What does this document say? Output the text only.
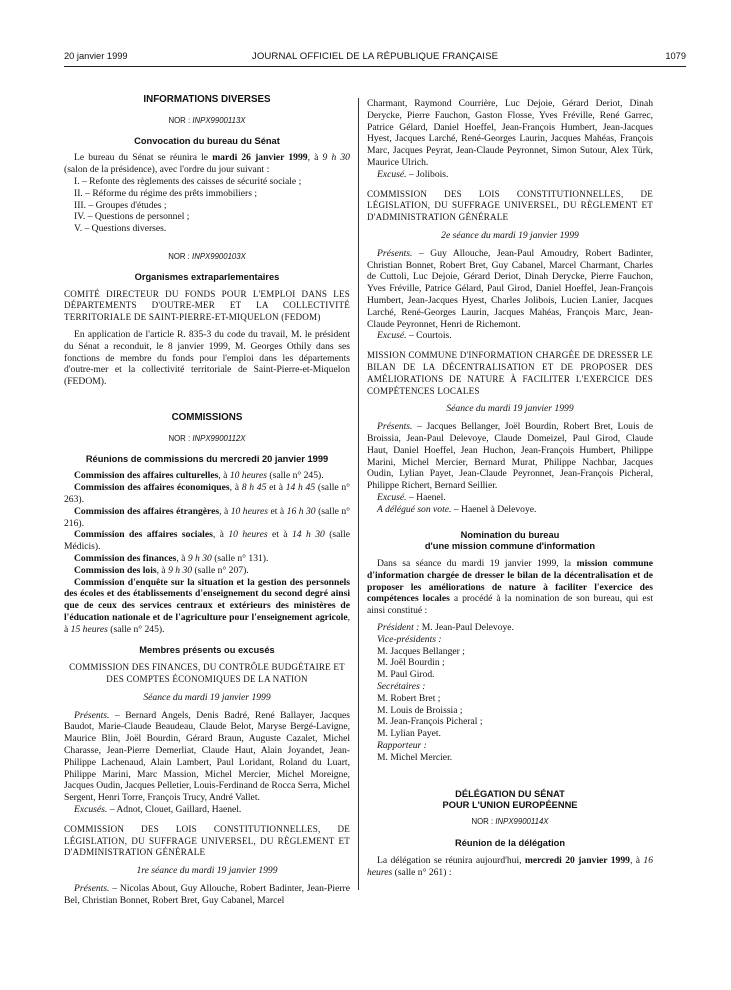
20 janvier 1999	JOURNAL OFFICIEL DE LA RÉPUBLIQUE FRANÇAISE	1079
INFORMATIONS DIVERSES
NOR : INPX9900113X
Convocation du bureau du Sénat

Le bureau du Sénat se réunira le mardi 26 janvier 1999, à 9 h 30 (salon de la présidence), avec l'ordre du jour suivant :

I. – Refonte des règlements des caisses de sécurité sociale ;

II. – Réforme du régime des prêts immobiliers ;

III. – Groupes d'études ;

IV. – Questions de personnel ;

V. – Questions diverses.

NOR : INPX9900103X
Organismes extraparlementaires

COMITÉ DIRECTEUR DU FONDS POUR L'EMPLOI DANS LES DÉPARTEMENTS D'OUTRE-MER ET LA COLLECTIVITÉ TERRITORIALE DE SAINT-PIERRE-ET-MIQUELON (FEDOM)

En application de l'article R. 835-3 du code du travail, M. le président du Sénat a reconduit, le 8 janvier 1999, M. Georges Othily dans ses fonctions de membre du fonds pour l'emploi dans les départements d'outre-mer et la collectivité territoriale de Saint-Pierre-et-Miquelon (FEDOM).

COMMISSIONS
NOR : INPX9900112X
Réunions de commissions du mercredi 20 janvier 1999

Commission des affaires culturelles, à 10 heures (salle n° 245).

Commission des affaires économiques, à 8 h 45 et à 14 h 45 (salle n° 263).

Commission des affaires étrangères, à 10 heures et à 16 h 30 (salle n° 216).

Commission des affaires sociales, à 10 heures et à 14 h 30 (salle Médicis).

Commission des finances, à 9 h 30 (salle n° 131).

Commission des lois, à 9 h 30 (salle n° 207).

Commission d'enquête sur la situation et la gestion des personnels des écoles et des établissements d'enseignement du second degré ainsi que de ceux des services centraux et extérieurs des ministères de l'éducation nationale et de l'agriculture pour l'enseignement agricole, à 15 heures (salle n° 245).

Membres présents ou excusés

COMMISSION DES FINANCES, DU CONTRÔLE BUDGÉTAIRE ET DES COMPTES ÉCONOMIQUES DE LA NATION

Séance du mardi 19 janvier 1999

Présents. – Bernard Angels, Denis Badré, René Ballayer, Jacques Baudot, Marie-Claude Beaudeau, Claude Belot, Maryse Bergé-Lavigne, Maurice Blin, Joël Bourdin, Gérard Braun, Auguste Cazalet, Michel Charasse, Jean-Pierre Demerliat, Claude Haut, Alain Joyandet, Jean-Philippe Lachenaud, Alain Lambert, Paul Loridant, Roland du Luart, Philippe Marini, Marc Massion, Michel Mercier, Michel Moreigne, Jacques Oudin, Jacques Pelletier, Louis-Ferdinand de Rocca Serra, Michel Sergent, Henri Torre, François Trucy, André Vallet.

Excusés. – Adnot, Clouet, Gaillard, Haenel.

COMMISSION DES LOIS CONSTITUTIONNELLES, DE LÉGISLATION, DU SUFFRAGE UNIVERSEL, DU RÈGLEMENT ET D'ADMINISTRATION GÉNÉRALE

1re séance du mardi 19 janvier 1999

Présents. – Nicolas About, Guy Allouche, Robert Badinter, Jean-Pierre Bel, Christian Bonnet, Robert Bret, Guy Cabanel, Marcel

Charmant, Raymond Courrière, Luc Dejoie, Gérard Deriot, Dinah Derycke, Pierre Fauchon, Gaston Flosse, Yves Fréville, René Garrec, Patrice Gélard, Daniel Hoeffel, Jean-François Humbert, Jean-Jacques Hyest, Jacques Larché, René-Georges Laurin, Jacques Mahéas, François Marc, Jacques Peyrat, Jean-Claude Peyronnet, Simon Sutour, Alex Türk, Maurice Ulrich.

Excusé. – Jolibois.

COMMISSION DES LOIS CONSTITUTIONNELLES, DE LÉGISLATION, DU SUFFRAGE UNIVERSEL, DU RÈGLEMENT ET D'ADMINISTRATION GÉNÉRALE

2e séance du mardi 19 janvier 1999

Présents. – Guy Allouche, Jean-Paul Amoudry, Robert Badinter, Christian Bonnet, Robert Bret, Guy Cabanel, Marcel Charmant, Charles de Cuttoli, Luc Dejoie, Gérard Deriot, Dinah Derycke, Pierre Fauchon, Yves Fréville, Patrice Gélard, Paul Girod, Daniel Hoeffel, Jean-François Humbert, Jean-Jacques Hyest, Charles Jolibois, Lucien Lanier, Jacques Larché, René-Georges Laurin, Jacques Mahéas, François Marc, Jean-Claude Peyronnet, Henri de Richemont.

Excusé. – Courtois.

MISSION COMMUNE D'INFORMATION CHARGÉE DE DRESSER LE BILAN DE LA DÉCENTRALISATION ET DE PROPOSER DES AMÉLIORATIONS DE NATURE À FACILITER L'EXERCICE DES COMPÉTENCES LOCALES

Séance du mardi 19 janvier 1999

Présents. – Jacques Bellanger, Joël Bourdin, Robert Bret, Louis de Broissia, Jean-Paul Delevoye, Claude Domeizel, Paul Girod, Claude Haut, Daniel Hoeffel, Jean Huchon, Jean-François Humbert, Philippe Marini, Michel Mercier, Bernard Murat, Philippe Nachbar, Jacques Oudin, Lylian Payet, Jean-Claude Peyronnet, Jean-François Picheral, Philippe Richert, Bernard Seillier.

Excusé. – Haenel.

A délégué son vote. – Haenel à Delevoye.

Nomination du bureau
d'une mission commune d'information

Dans sa séance du mardi 19 janvier 1999, la mission commune d'information chargée de dresser le bilan de la décentralisation et de proposer les améliorations de nature à faciliter l'exercice des compétences locales a procédé à la nomination de son bureau, qui est ainsi constitué :

Président : M. Jean-Paul Delevoye.

Vice-présidents :

M. Jacques Bellanger ;

M. Joël Bourdin ;

M. Paul Girod.

Secrétaires :

M. Robert Bret ;

M. Louis de Broissia ;

M. Jean-François Picheral ;

M. Lylian Payet.

Rapporteur :

M. Michel Mercier.

DÉLÉGATION DU SÉNAT
POUR L'UNION EUROPÉENNE
NOR : INPX9900114X
Réunion de la délégation

La délégation se réunira aujourd'hui, mercredi 20 janvier 1999, à 16 heures (salle n° 261) :
